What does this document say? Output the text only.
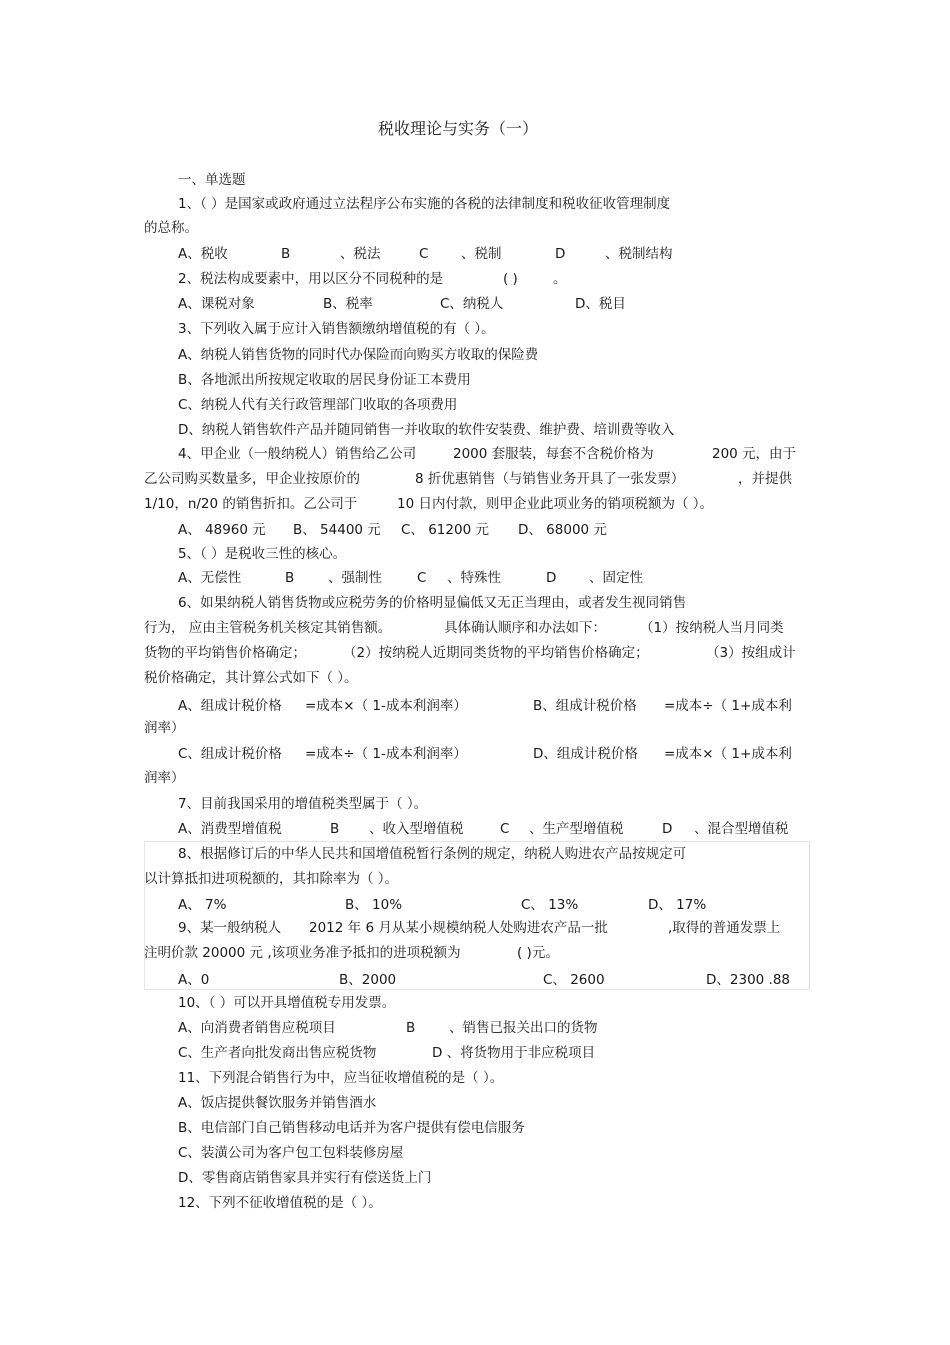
税收理论与实务（一）
一、单选题
1、（ ）是国家或政府通过立法程序公布实施的各税的法律制度和税收征收管理制度
的总称。
A、税收	B	、税法	C 、税制	D	、税制结构
2、税法构成要素中，用以区分不同税种的是	( )	。
A、课税对象	B、税率	C、纳税人	D、税目
3、下列收入属于应计入销售额缴纳增值税的有（ ）。
A、纳税人销售货物的同时代办保险而向购买方收取的保险费
B、各地派出所按规定收取的居民身份证工本费用
C、纳税人代有关行政管理部门收取的各项费用
D、纳税人销售软件产品并随同销售一并收取的软件安装费、维护费、培训费等收入
4、甲企业（一般纳税人）销售给乙公司	2000 套服装，每套不含税价格为	200 元，由于
乙公司购买数量多，甲企业按原价的	8 折优惠销售（与销售业务开具了一张发票）	，并提供
1/10，n/20 的销售折扣。乙公司于	10 日内付款，则甲企业此项业务的销项税额为（ ）。
A、 48960 元 B、 54400 元 C、 61200 元 D、 68000 元
5、（ ）是税收三性的核心。
A、无偿性	B 、强制性	C 、特殊性	D 、固定性
6、如果纳税人销售货物或应税劳务的价格明显偏低又无正当理由，或者发生视同销售
行为， 应由主管税务机关核定其销售额。	具体确认顺序和办法如下：	（1）按纳税人当月同类
货物的平均销售价格确定；	（2）按纳税人近期同类货物的平均销售价格确定；	（3）按组成计
税价格确定，其计算公式如下（ ）。
A、组成计税价格 =成本×（ 1-成本利润率）	B、组成计税价格 =成本÷（ 1+成本利
润率）
C、组成计税价格 =成本÷（ 1-成本利润率）	D、组成计税价格 =成本×（ 1+成本利
润率）
7、目前我国采用的增值税类型属于（ ）。
A、消费型增值税	B 、收入型增值税	C 、生产型增值税	D 、混合型增值税
8、根据修订后的中华人民共和国增值税暂行条例的规定，纳税人购进农产品按规定可
以计算抵扣进项税额的，其扣除率为（ ）。
A、 7%	B、 10%	C、 13%	D、 17%
9、某一般纳税人 2012 年 6 月从某小规模纳税人处购进农产品一批	,取得的普通发票上
注明价款 20000 元 ,该项业务准予抵扣的进项税额为	( )元。
A、0	B、2000	C、 2600	D、2300 .88
10、（ ）可以开具增值税专用发票。
A、向消费者销售应税项目	B 、销售已报关出口的货物
C、生产者向批发商出售应税货物	D 、将货物用于非应税项目
11、下列混合销售行为中，应当征收增值税的是（ ）。
A、饭店提供餐饮服务并销售酒水
B、电信部门自己销售移动电话并为客户提供有偿电信服务
C、装潢公司为客户包工包料装修房屋
D、零售商店销售家具并实行有偿送货上门
12、下列不征收增值税的是（ ）。
